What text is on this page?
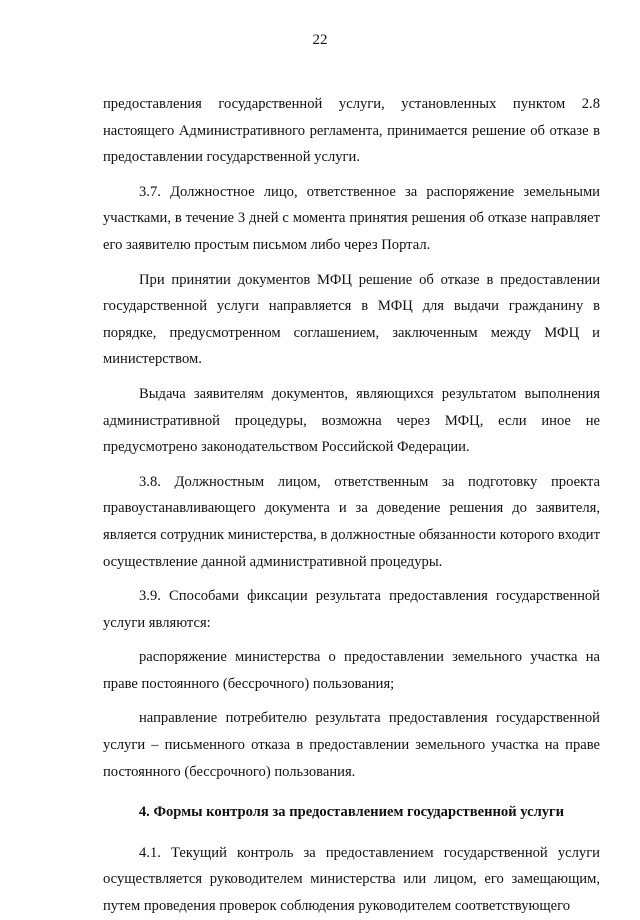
22

предоставления государственной услуги, установленных пунктом 2.8 настоящего Административного регламента, принимается решение об отказе в предоставлении государственной услуги.

3.7. Должностное лицо, ответственное за распоряжение земельными участками, в течение 3 дней с момента принятия решения об отказе направляет его заявителю простым письмом либо через Портал.

При принятии документов МФЦ решение об отказе в предоставлении государственной услуги направляется в МФЦ для выдачи гражданину в порядке, предусмотренном соглашением, заключенным между МФЦ и министерством.

Выдача заявителям документов, являющихся результатом выполнения административной процедуры, возможна через МФЦ, если иное не предусмотрено законодательством Российской Федерации.

3.8. Должностным лицом, ответственным за подготовку проекта правоустанавливающего документа и за доведение решения до заявителя, является сотрудник министерства, в должностные обязанности которого входит осуществление данной административной процедуры.

3.9. Способами фиксации результата предоставления государственной услуги являются:

распоряжение министерства о предоставлении земельного участка на праве постоянного (бессрочного) пользования;

направление потребителю результата предоставления государственной услуги – письменного отказа в предоставлении земельного участка на праве постоянного (бессрочного) пользования.

4. Формы контроля за предоставлением государственной услуги

4.1. Текущий контроль за предоставлением государственной услуги осуществляется руководителем министерства или лицом, его замещающим, путем проведения проверок соблюдения руководителем соответствующего
